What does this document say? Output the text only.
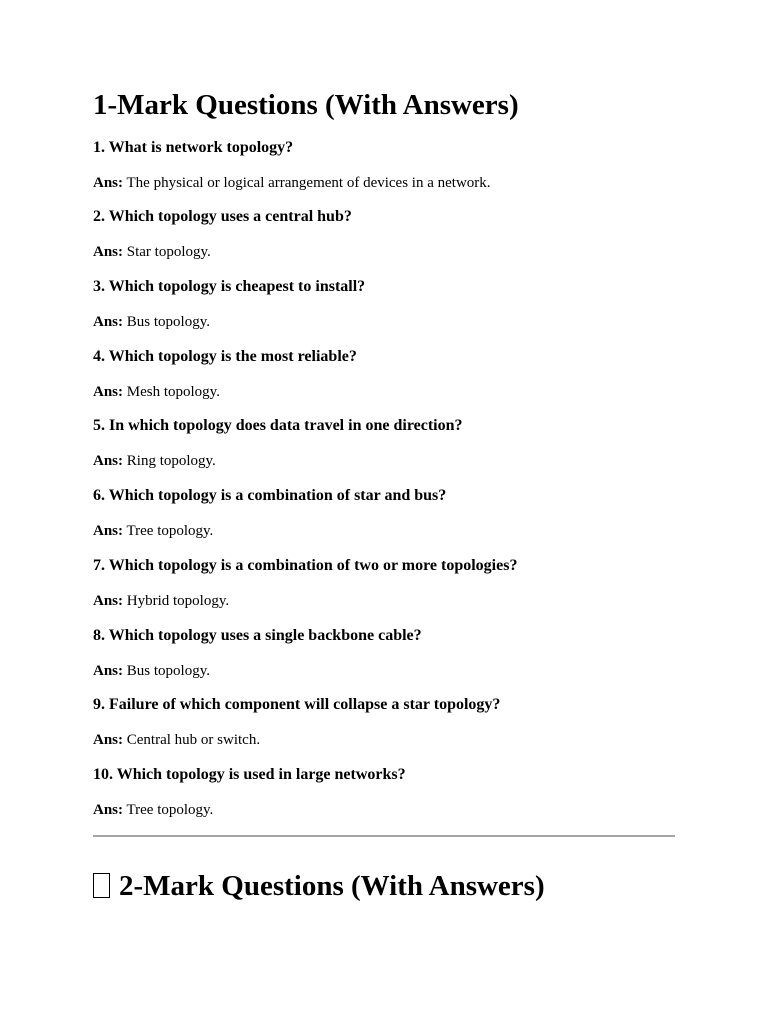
1-Mark Questions (With Answers)
1. What is network topology?
Ans: The physical or logical arrangement of devices in a network.
2. Which topology uses a central hub?
Ans: Star topology.
3. Which topology is cheapest to install?
Ans: Bus topology.
4. Which topology is the most reliable?
Ans: Mesh topology.
5. In which topology does data travel in one direction?
Ans: Ring topology.
6. Which topology is a combination of star and bus?
Ans: Tree topology.
7. Which topology is a combination of two or more topologies?
Ans: Hybrid topology.
8. Which topology uses a single backbone cable?
Ans: Bus topology.
9. Failure of which component will collapse a star topology?
Ans: Central hub or switch.
10. Which topology is used in large networks?
Ans: Tree topology.
2-Mark Questions (With Answers)
